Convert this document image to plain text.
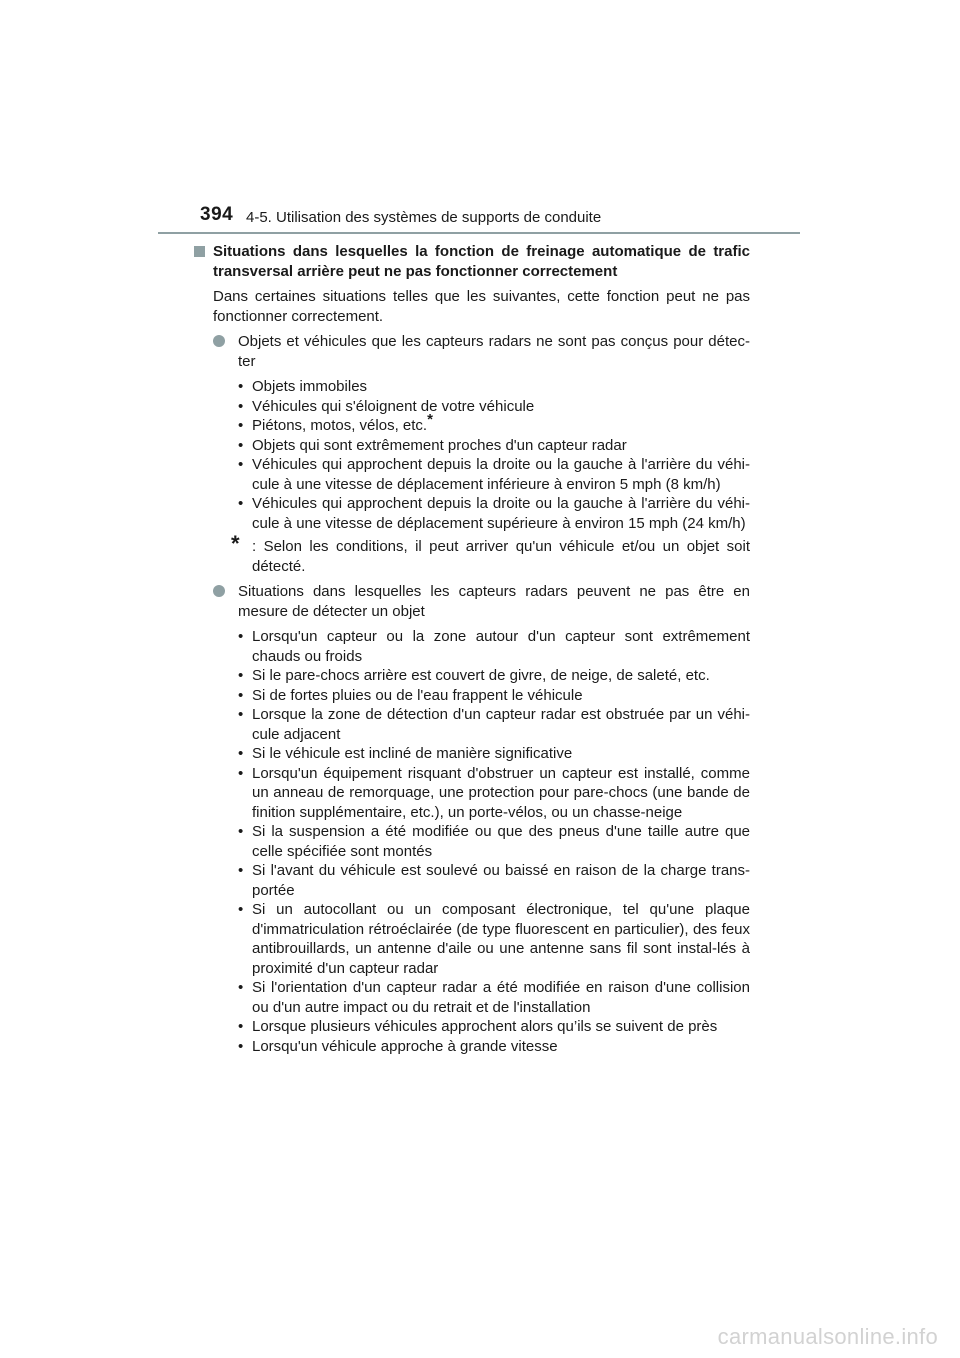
394 4-5. Utilisation des systèmes de supports de conduite
Situations dans lesquelles la fonction de freinage automatique de trafic transversal arrière peut ne pas fonctionner correctement
Dans certaines situations telles que les suivantes, cette fonction peut ne pas fonctionner correctement.
Objets et véhicules que les capteurs radars ne sont pas conçus pour détec-ter
• Objets immobiles
• Véhicules qui s'éloignent de votre véhicule
• Piétons, motos, vélos, etc.*
• Objets qui sont extrêmement proches d'un capteur radar
• Véhicules qui approchent depuis la droite ou la gauche à l'arrière du véhi-cule à une vitesse de déplacement inférieure à environ 5 mph (8 km/h)
• Véhicules qui approchent depuis la droite ou la gauche à l'arrière du véhi-cule à une vitesse de déplacement supérieure à environ 15 mph (24 km/h)
* : Selon les conditions, il peut arriver qu'un véhicule et/ou un objet soit détecté.
Situations dans lesquelles les capteurs radars peuvent ne pas être en mesure de détecter un objet
• Lorsqu'un capteur ou la zone autour d'un capteur sont extrêmement chauds ou froids
• Si le pare-chocs arrière est couvert de givre, de neige, de saleté, etc.
• Si de fortes pluies ou de l'eau frappent le véhicule
• Lorsque la zone de détection d'un capteur radar est obstruée par un véhi-cule adjacent
• Si le véhicule est incliné de manière significative
• Lorsqu'un équipement risquant d'obstruer un capteur est installé, comme un anneau de remorquage, une protection pour pare-chocs (une bande de finition supplémentaire, etc.), un porte-vélos, ou un chasse-neige
• Si la suspension a été modifiée ou que des pneus d'une taille autre que celle spécifiée sont montés
• Si l'avant du véhicule est soulevé ou baissé en raison de la charge trans-portée
• Si un autocollant ou un composant électronique, tel qu'une plaque d'immatriculation rétroéclairée (de type fluorescent en particulier), des feux antibrouillards, un antenne d'aile ou une antenne sans fil sont instal-lés à proximité d'un capteur radar
• Si l'orientation d'un capteur radar a été modifiée en raison d'une collision ou d'un autre impact ou du retrait et de l'installation
• Lorsque plusieurs véhicules approchent alors qu’ils se suivent de près
• Lorsqu'un véhicule approche à grande vitesse
carmanualsonline.info
